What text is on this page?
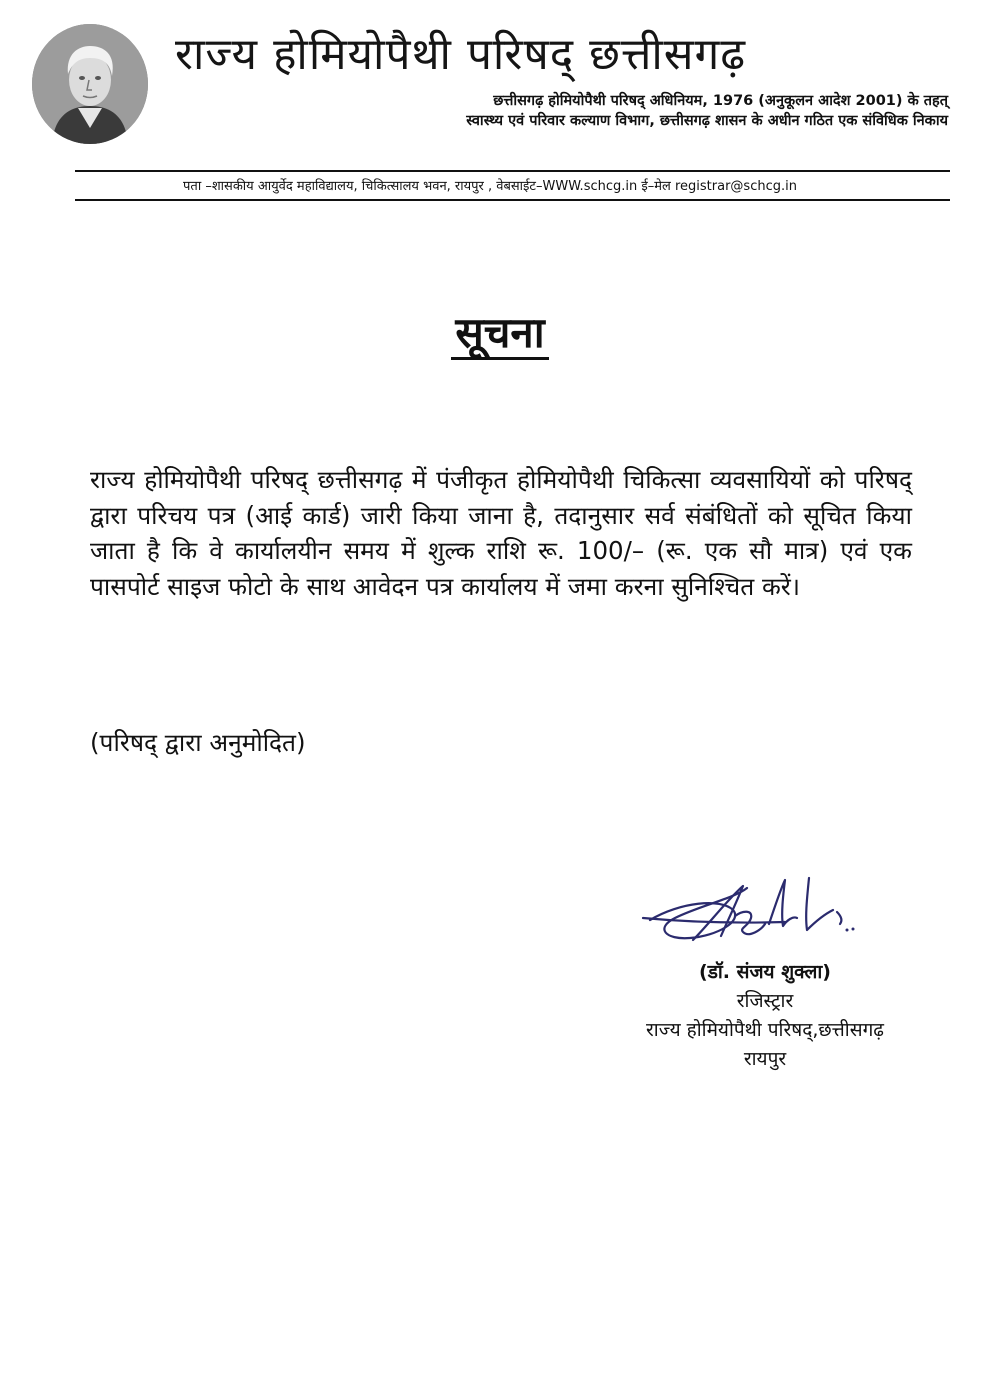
राज्य होमियोपैथी परिषद् छत्तीसगढ़
छत्तीसगढ़ होमियोपैथी परिषद् अधिनियम, 1976 (अनुकूलन आदेश 2001) के तहत्
स्वास्थ्य एवं परिवार कल्याण विभाग, छत्तीसगढ़ शासन के अधीन गठित एक संविधिक निकाय
पता –शासकीय आयुर्वेद महाविद्यालय, चिकित्सालय भवन, रायपुर , वेबसाईट–WWW.schcg.in ई–मेल registrar@schcg.in
सूचना
राज्य होमियोपैथी परिषद् छत्तीसगढ़ में पंजीकृत होमियोपैथी चिकित्सा व्यवसायियों को परिषद् द्वारा परिचय पत्र (आई कार्ड) जारी किया जाना है, तदानुसार सर्व संबंधितों को सूचित किया जाता है कि वे कार्यालयीन समय में शुल्क राशि रू. 100/– (रू. एक सौ मात्र) एवं एक पासपोर्ट साइज फोटो के साथ आवेदन पत्र कार्यालय में जमा करना सुनिश्चित करें।
(परिषद् द्वारा अनुमोदित)
(डॉ. संजय शुक्ला)
रजिस्ट्रार
राज्य होमियोपैथी परिषद्,छत्तीसगढ़
रायपुर
